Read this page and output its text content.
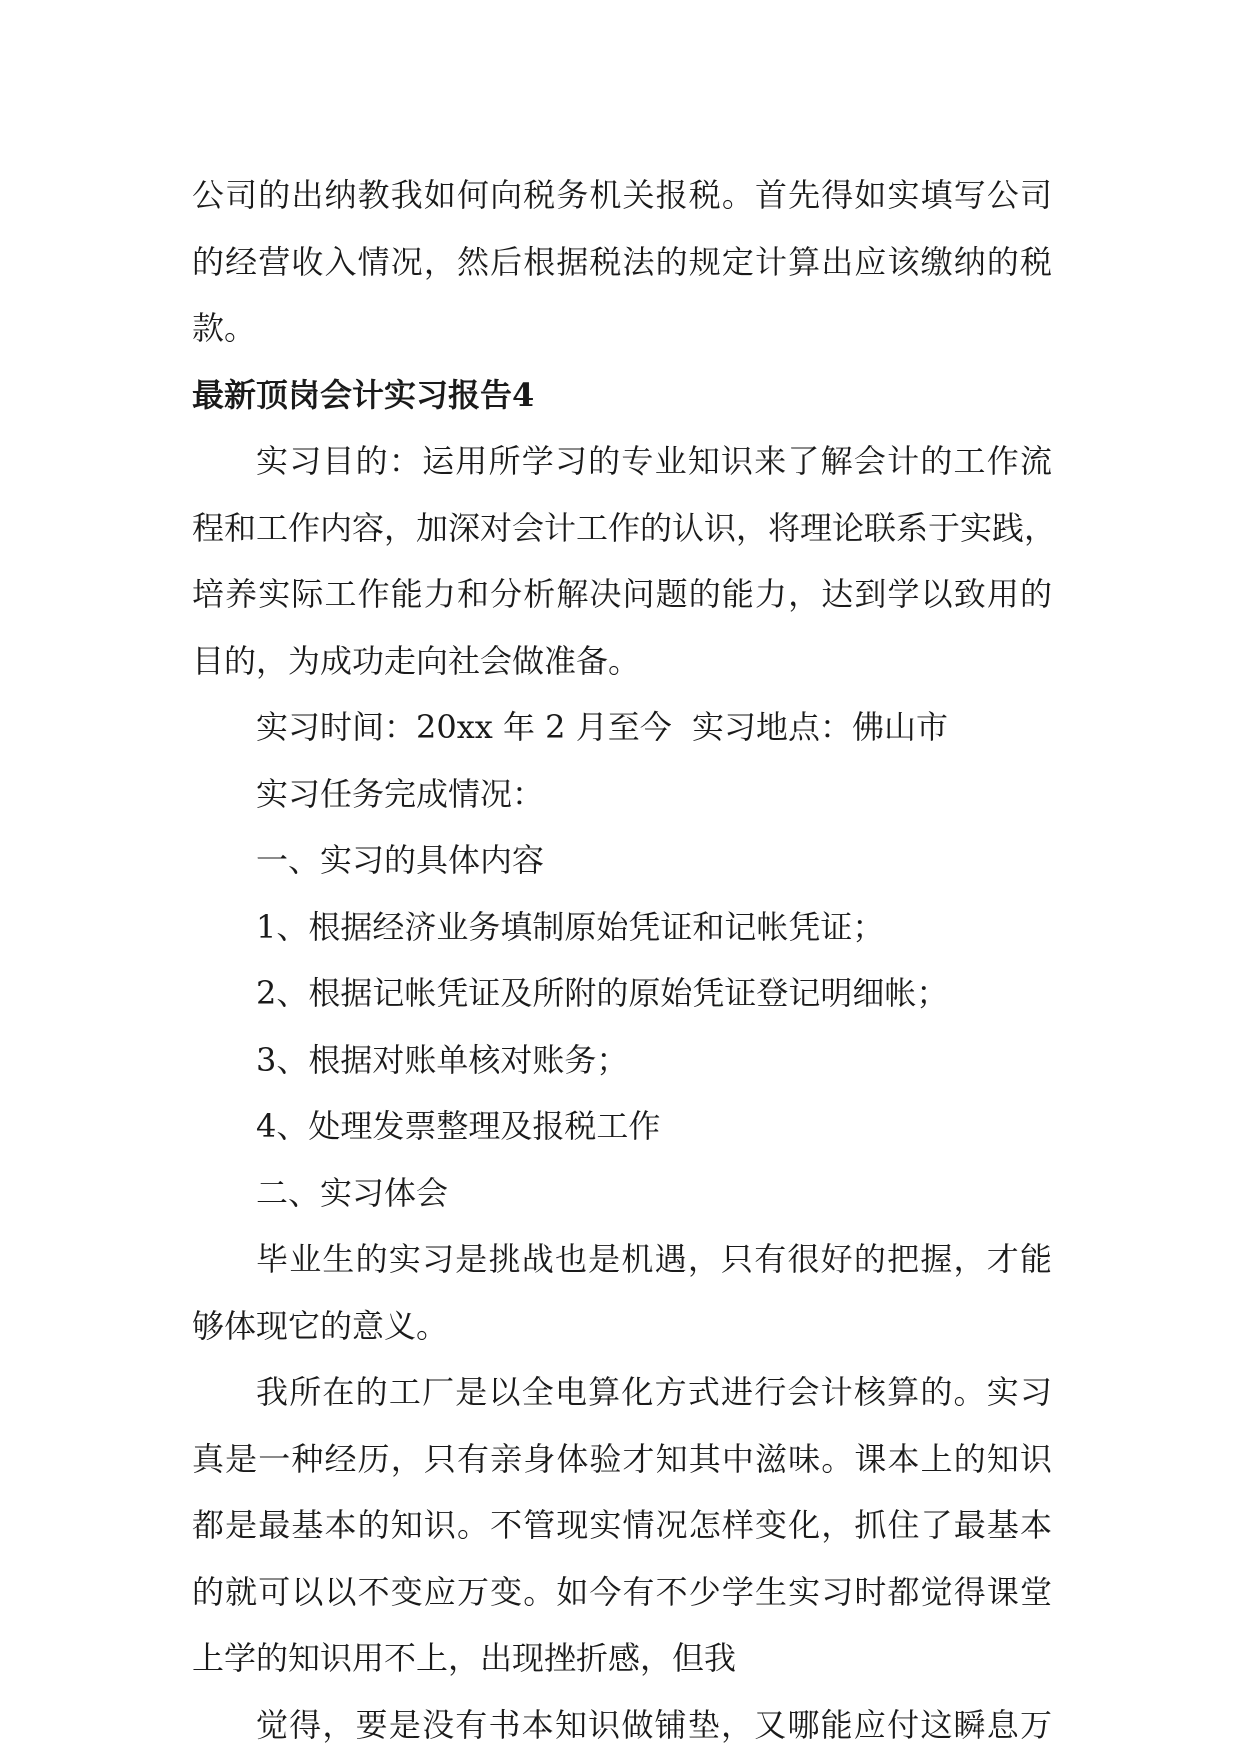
公司的出纳教我如何向税务机关报税。首先得如实填写公司
的经营收入情况，然后根据税法的规定计算出应该缴纳的税
款。

最新顶岗会计实习报告4

实习目的：运用所学习的专业知识来了解会计的工作流
程和工作内容，加深对会计工作的认识，将理论联系于实践，
培养实际工作能力和分析解决问题的能力，达到学以致用的
目的，为成功走向社会做准备。

实习时间：20xx 年 2 月至今  实习地点：佛山市

实习任务完成情况：

一、实习的具体内容

1、根据经济业务填制原始凭证和记帐凭证；

2、根据记帐凭证及所附的原始凭证登记明细帐；

3、根据对账单核对账务；

4、处理发票整理及报税工作

二、实习体会

毕业生的实习是挑战也是机遇，只有很好的把握，才能
够体现它的意义。

我所在的工厂是以全电算化方式进行会计核算的。实习
真是一种经历，只有亲身体验才知其中滋味。课本上的知识
都是最基本的知识。不管现实情况怎样变化，抓住了最基本
的就可以以不变应万变。如今有不少学生实习时都觉得课堂
上学的知识用不上，出现挫折感，但我

觉得，要是没有书本知识做铺垫，又哪能应付这瞬息万
